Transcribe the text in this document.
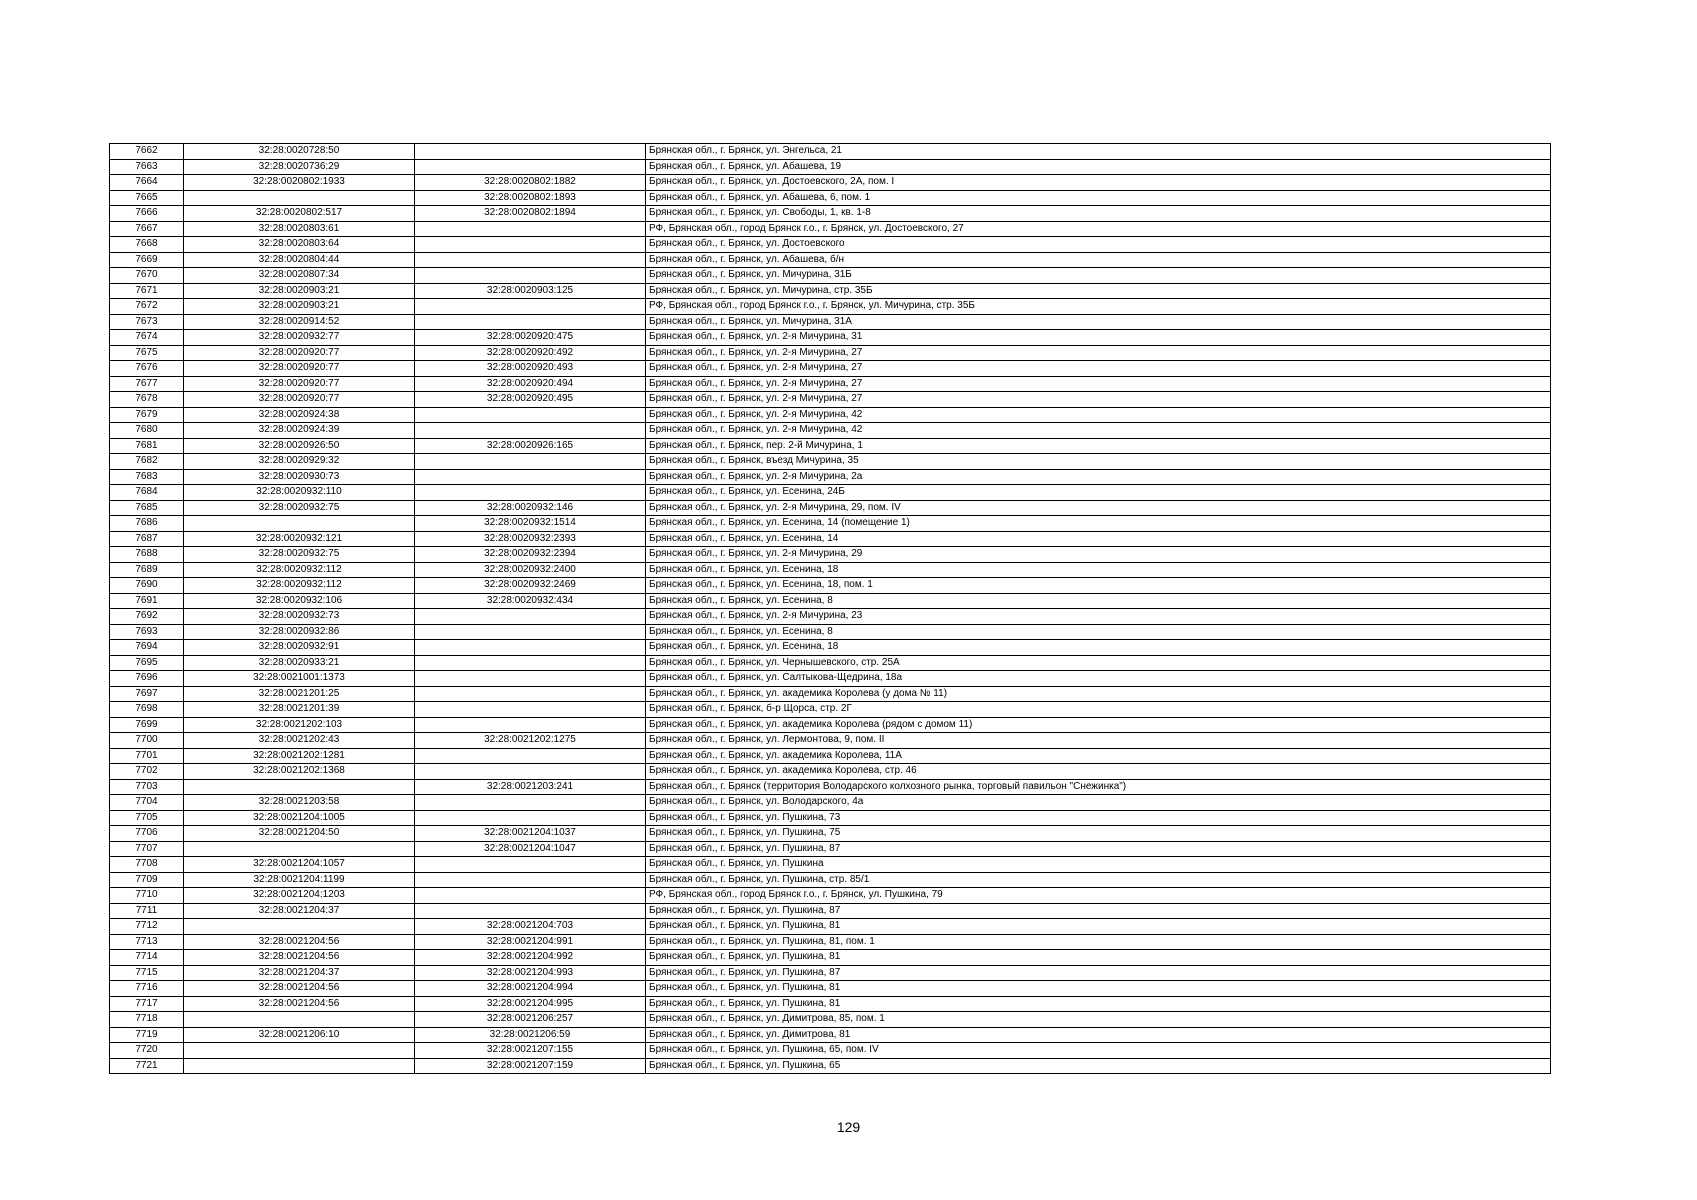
7662	32:28:0020728:50		Брянская обл., г. Брянск, ул. Энгельса, 21
7663	32:28:0020736:29		Брянская обл., г. Брянск, ул. Абашева, 19
7664	32:28:0020802:1933	32:28:0020802:1882	Брянская обл., г. Брянск, ул. Достоевского, 2А, пом. I
7665		32:28:0020802:1893	Брянская обл., г. Брянск, ул. Абашева, 6, пом. 1
7666	32:28:0020802:517	32:28:0020802:1894	Брянская обл., г. Брянск, ул. Свободы, 1, кв. 1-8
7667	32:28:0020803:61		РФ, Брянская обл., город Брянск г.о., г. Брянск, ул. Достоевского, 27
7668	32:28:0020803:64		Брянская обл., г. Брянск, ул. Достоевского
7669	32:28:0020804:44		Брянская обл., г. Брянск, ул. Абашева, б/н
7670	32:28:0020807:34		Брянская обл., г. Брянск, ул. Мичурина, 31Б
7671	32:28:0020903:21	32:28:0020903:125	Брянская обл., г. Брянск, ул. Мичурина, стр. 35Б
7672	32:28:0020903:21		РФ, Брянская обл., город Брянск г.о., г. Брянск, ул. Мичурина, стр. 35Б
7673	32:28:0020914:52		Брянская обл., г. Брянск, ул. Мичурина, 31А
7674	32:28:0020932:77	32:28:0020920:475	Брянская обл., г. Брянск, ул. 2-я Мичурина, 31
7675	32:28:0020920:77	32:28:0020920:492	Брянская обл., г. Брянск, ул. 2-я Мичурина, 27
7676	32:28:0020920:77	32:28:0020920:493	Брянская обл., г. Брянск, ул. 2-я Мичурина, 27
7677	32:28:0020920:77	32:28:0020920:494	Брянская обл., г. Брянск, ул. 2-я Мичурина, 27
7678	32:28:0020920:77	32:28:0020920:495	Брянская обл., г. Брянск, ул. 2-я Мичурина, 27
7679	32:28:0020924:38		Брянская обл., г. Брянск, ул. 2-я Мичурина, 42
7680	32:28:0020924:39		Брянская обл., г. Брянск, ул. 2-я Мичурина, 42
7681	32:28:0020926:50	32:28:0020926:165	Брянская обл., г. Брянск, пер. 2-й Мичурина, 1
7682	32:28:0020929:32		Брянская обл., г. Брянск, въезд Мичурина, 35
7683	32:28:0020930:73		Брянская обл., г. Брянск, ул. 2-я Мичурина, 2а
7684	32:28:0020932:110		Брянская обл., г. Брянск, ул. Есенина, 24Б
7685	32:28:0020932:75	32:28:0020932:146	Брянская обл., г. Брянск, ул. 2-я Мичурина, 29, пом. IV
7686		32:28:0020932:1514	Брянская обл., г. Брянск, ул. Есенина, 14 (помещение 1)
7687	32:28:0020932:121	32:28:0020932:2393	Брянская обл., г. Брянск, ул. Есенина, 14
7688	32:28:0020932:75	32:28:0020932:2394	Брянская обл., г. Брянск, ул. 2-я Мичурина, 29
7689	32:28:0020932:112	32:28:0020932:2400	Брянская обл., г. Брянск, ул. Есенина, 18
7690	32:28:0020932:112	32:28:0020932:2469	Брянская обл., г. Брянск, ул. Есенина, 18, пом. 1
7691	32:28:0020932:106	32:28:0020932:434	Брянская обл., г. Брянск, ул. Есенина, 8
7692	32:28:0020932:73		Брянская обл., г. Брянск, ул. 2-я Мичурина, 23
7693	32:28:0020932:86		Брянская обл., г. Брянск, ул. Есенина, 8
7694	32:28:0020932:91		Брянская обл., г. Брянск, ул. Есенина, 18
7695	32:28:0020933:21		Брянская обл., г. Брянск, ул. Чернышевского, стр. 25А
7696	32:28:0021001:1373		Брянская обл., г. Брянск, ул. Салтыкова-Щедрина, 18а
7697	32:28:0021201:25		Брянская обл., г. Брянск, ул. академика Королева (у дома № 11)
7698	32:28:0021201:39		Брянская обл., г. Брянск, б-р Щорса, стр. 2Г
7699	32:28:0021202:103		Брянская обл., г. Брянск, ул. академика Королева (рядом с домом 11)
7700	32:28:0021202:43	32:28:0021202:1275	Брянская обл., г. Брянск, ул. Лермонтова, 9, пом. II
7701	32:28:0021202:1281		Брянская обл., г. Брянск, ул. академика Королева, 11А
7702	32:28:0021202:1368		Брянская обл., г. Брянск, ул. академика Королева, стр. 46
7703		32:28:0021203:241	Брянская обл., г. Брянск (территория Володарского колхозного рынка, торговый павильон "Снежинка")
7704	32:28:0021203:58		Брянская обл., г. Брянск, ул. Володарского, 4а
7705	32:28:0021204:1005		Брянская обл., г. Брянск, ул. Пушкина, 73
7706	32:28:0021204:50	32:28:0021204:1037	Брянская обл., г. Брянск, ул. Пушкина, 75
7707		32:28:0021204:1047	Брянская обл., г. Брянск, ул. Пушкина, 87
7708	32:28:0021204:1057		Брянская обл., г. Брянск, ул. Пушкина
7709	32:28:0021204:1199		Брянская обл., г. Брянск, ул. Пушкина, стр. 85/1
7710	32:28:0021204:1203		РФ, Брянская обл., город Брянск г.о., г. Брянск, ул. Пушкина, 79
7711	32:28:0021204:37		Брянская обл., г. Брянск, ул. Пушкина, 87
7712		32:28:0021204:703	Брянская обл., г. Брянск, ул. Пушкина, 81
7713	32:28:0021204:56	32:28:0021204:991	Брянская обл., г. Брянск, ул. Пушкина, 81, пом. 1
7714	32:28:0021204:56	32:28:0021204:992	Брянская обл., г. Брянск, ул. Пушкина, 81
7715	32:28:0021204:37	32:28:0021204:993	Брянская обл., г. Брянск, ул. Пушкина, 87
7716	32:28:0021204:56	32:28:0021204:994	Брянская обл., г. Брянск, ул. Пушкина, 81
7717	32:28:0021204:56	32:28:0021204:995	Брянская обл., г. Брянск, ул. Пушкина, 81
7718		32:28:0021206:257	Брянская обл., г. Брянск, ул. Димитрова, 85, пом. 1
7719	32:28:0021206:10	32:28:0021206:59	Брянская обл., г. Брянск, ул. Димитрова, 81
7720		32:28:0021207:155	Брянская обл., г. Брянск, ул. Пушкина, 65, пом. IV
7721		32:28:0021207:159	Брянская обл., г. Брянск, ул. Пушкина, 65
129
